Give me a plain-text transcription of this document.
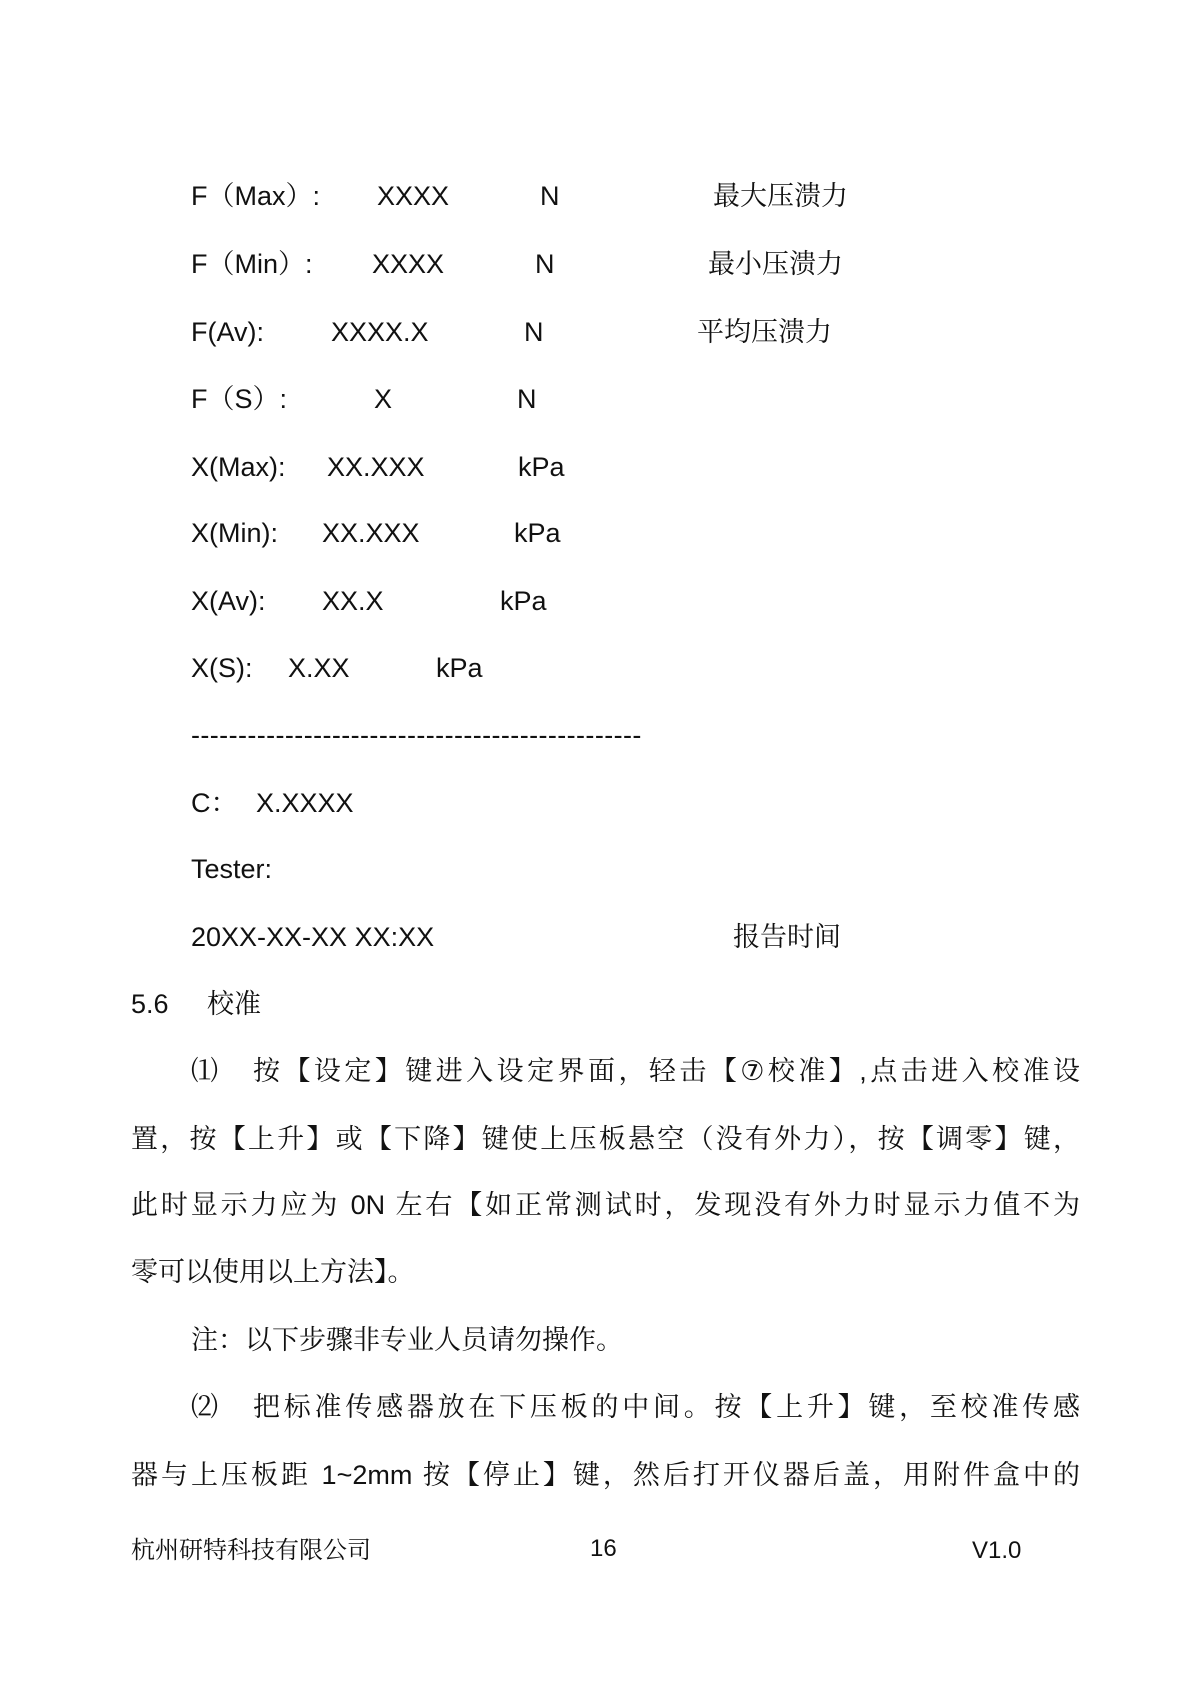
F（Max）: XXXX	N	最大压溃力
F（Min）: XXXX	N	最小压溃力
F(Av): XXXX.X	N	平均压溃力
F（S）:	X	N
X(Max): XX.XXX	kPa
X(Min): XX.XXX	kPa
X(Av): XX.X	kPa
X(S): X.XX	kPa
------------------------------------------------
C： X.XXXX
Tester:
20XX-XX-XX XX:XX	报告时间
5.6 校准
⑴ 按【设定】键进入设定界面，轻击【⑦校准】,点击进入校准设
置，按【上升】或【下降】键使上压板悬空（没有外力），按【调零】键，
此时显示力应为 0N 左右【如正常测试时，发现没有外力时显示力值不为
零可以使用以上方法】。
注：以下步骤非专业人员请勿操作。
⑵ 把标准传感器放在下压板的中间。按【上升】键，至校准传感
器与上压板距 1~2mm 按【停止】键，然后打开仪器后盖，用附件盒中的
杭州研特科技有限公司	16	V1.0
